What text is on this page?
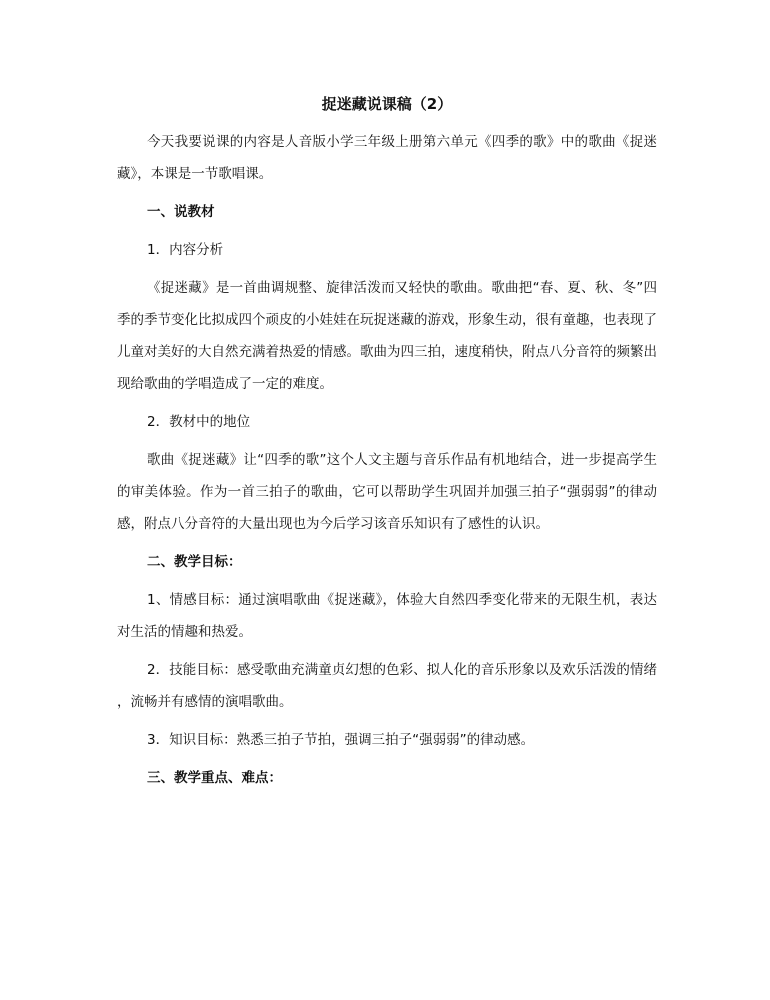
捉迷藏说课稿（2）
今天我要说课的内容是人音版小学三年级上册第六单元《四季的歌》中的歌曲《捉迷藏》，本课是一节歌唱课。
一、说教材
1．内容分析
《捉迷藏》是一首曲调规整、旋律活泼而又轻快的歌曲。歌曲把“春、夏、秋、冬”四季的季节变化比拟成四个顽皮的小娃娃在玩捉迷藏的游戏，形象生动，很有童趣，也表现了儿童对美好的大自然充满着热爱的情感。歌曲为四三拍，速度稍快，附点八分音符的频繁出现给歌曲的学唱造成了一定的难度。
2．教材中的地位
歌曲《捉迷藏》让“四季的歌”这个人文主题与音乐作品有机地结合，进一步提高学生的审美体验。作为一首三拍子的歌曲，它可以帮助学生巩固并加强三拍子“强弱弱”的律动感，附点八分音符的大量出现也为今后学习该音乐知识有了感性的认识。
二、教学目标：
1、情感目标：通过演唱歌曲《捉迷藏》，体验大自然四季变化带来的无限生机，表达对生活的情趣和热爱。
2．技能目标：感受歌曲充满童贞幻想的色彩、拟人化的音乐形象以及欢乐活泼的情绪 ，流畅并有感情的演唱歌曲。
3．知识目标：熟悉三拍子节拍，强调三拍子“强弱弱”的律动感。
三、教学重点、难点：
